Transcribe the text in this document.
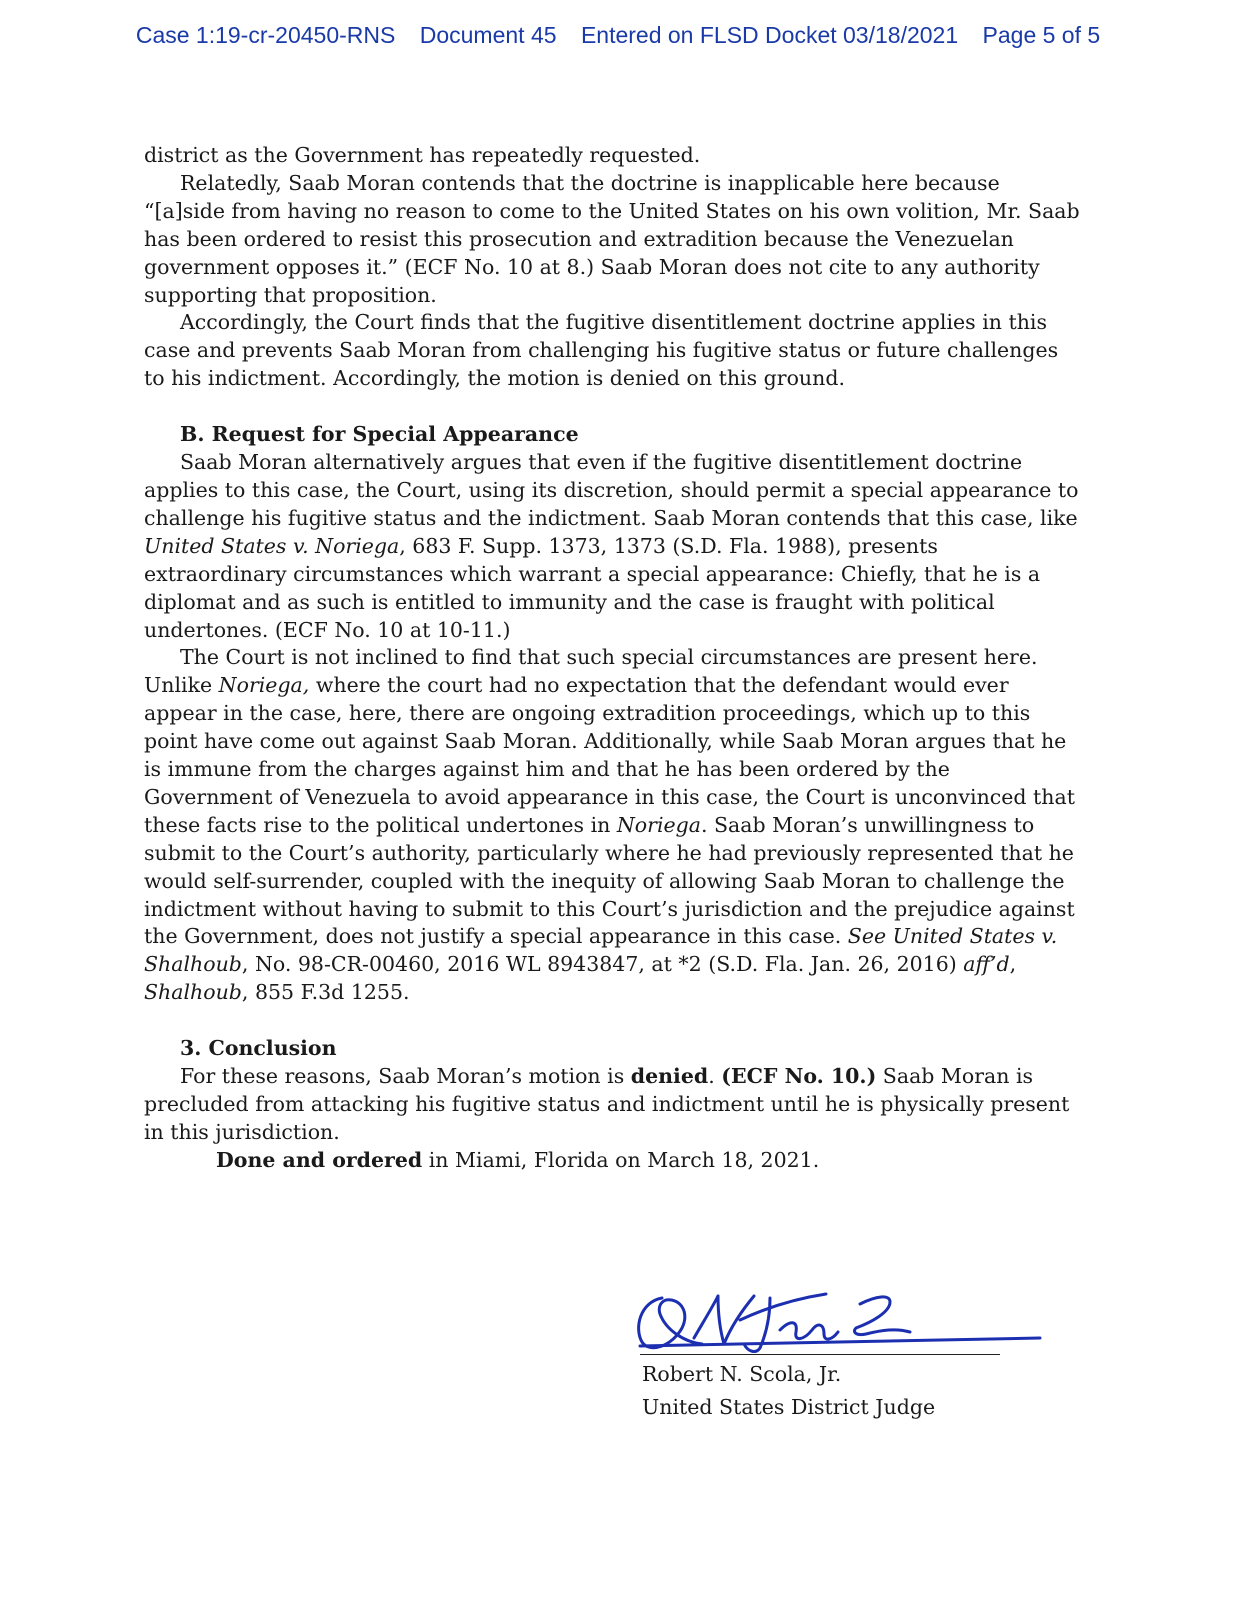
Case 1:19-cr-20450-RNS Document 45 Entered on FLSD Docket 03/18/2021 Page 5 of 5

district as the Government has repeatedly requested.

Relatedly, Saab Moran contends that the doctrine is inapplicable here because “[a]side from having no reason to come to the United States on his own volition, Mr. Saab has been ordered to resist this prosecution and extradition because the Venezuelan government opposes it.” (ECF No. 10 at 8.) Saab Moran does not cite to any authority supporting that proposition.

Accordingly, the Court finds that the fugitive disentitlement doctrine applies in this case and prevents Saab Moran from challenging his fugitive status or future challenges to his indictment. Accordingly, the motion is denied on this ground.

B. Request for Special Appearance

Saab Moran alternatively argues that even if the fugitive disentitlement doctrine applies to this case, the Court, using its discretion, should permit a special appearance to challenge his fugitive status and the indictment. Saab Moran contends that this case, like United States v. Noriega, 683 F. Supp. 1373, 1373 (S.D. Fla. 1988), presents extraordinary circumstances which warrant a special appearance: Chiefly, that he is a diplomat and as such is entitled to immunity and the case is fraught with political undertones. (ECF No. 10 at 10-11.)

The Court is not inclined to find that such special circumstances are present here. Unlike Noriega, where the court had no expectation that the defendant would ever appear in the case, here, there are ongoing extradition proceedings, which up to this point have come out against Saab Moran. Additionally, while Saab Moran argues that he is immune from the charges against him and that he has been ordered by the Government of Venezuela to avoid appearance in this case, the Court is unconvinced that these facts rise to the political undertones in Noriega. Saab Moran’s unwillingness to submit to the Court’s authority, particularly where he had previously represented that he would self-surrender, coupled with the inequity of allowing Saab Moran to challenge the indictment without having to submit to this Court’s jurisdiction and the prejudice against the Government, does not justify a special appearance in this case. See United States v. Shalhoub, No. 98-CR-00460, 2016 WL 8943847, at *2 (S.D. Fla. Jan. 26, 2016) aff’d, Shalhoub, 855 F.3d 1255.

3. Conclusion

For these reasons, Saab Moran’s motion is denied. (ECF No. 10.) Saab Moran is precluded from attacking his fugitive status and indictment until he is physically present in this jurisdiction.

Done and ordered in Miami, Florida on March 18, 2021.

Robert N. Scola, Jr.
United States District Judge
